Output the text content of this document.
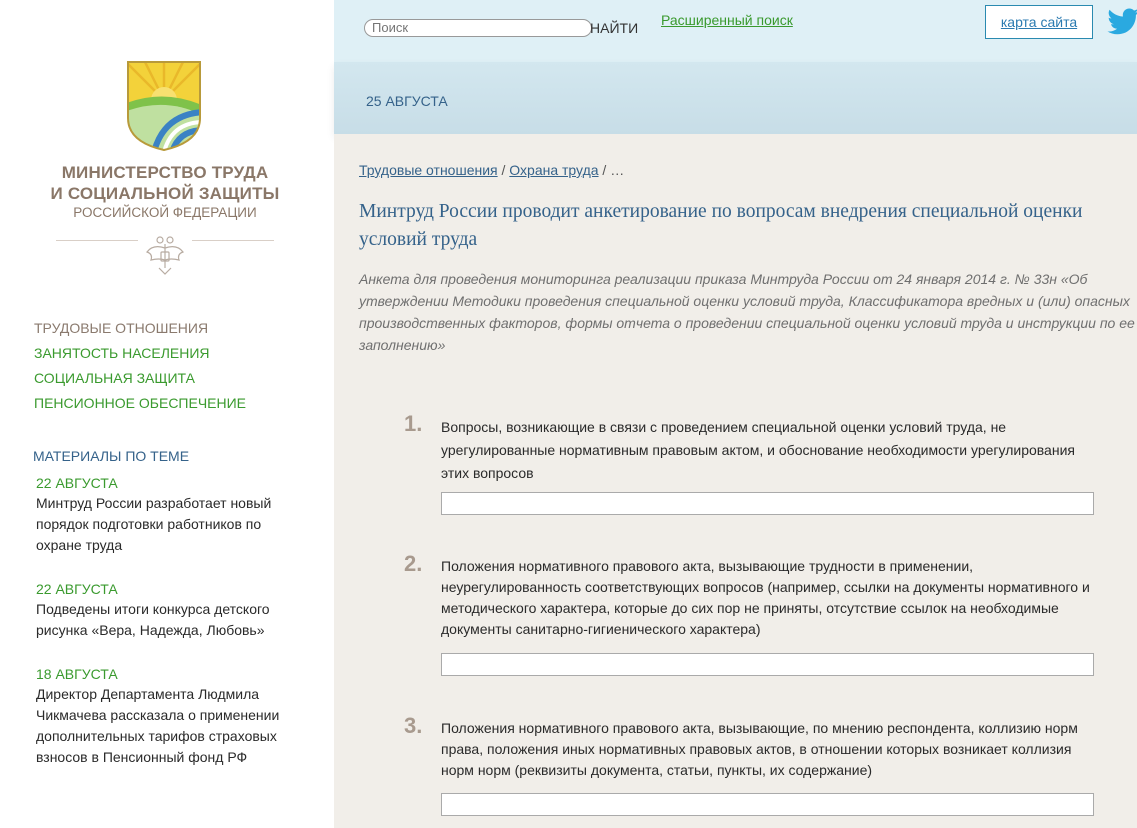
МИНИСТЕРСТВО ТРУДА
И СОЦИАЛЬНОЙ ЗАЩИТЫ
РОССИЙСКОЙ ФЕДЕРАЦИИ
ТРУДОВЫЕ ОТНОШЕНИЯ
ЗАНЯТОСТЬ НАСЕЛЕНИЯ
СОЦИАЛЬНАЯ ЗАЩИТА
ПЕНСИОННОЕ ОБЕСПЕЧЕНИЕ
МАТЕРИАЛЫ ПО ТЕМЕ
22 АВГУСТА
Минтруд России разработает новый порядок подготовки работников по охране труда
22 АВГУСТА
Подведены итоги конкурса детского рисунка «Вера, Надежда, Любовь»
18 АВГУСТА
Директор Департамента Людмила Чикмачева рассказала о применении дополнительных тарифов страховых взносов в Пенсионный фонд РФ
Поиск
НАЙТИ Расширенный поиск	карта сайта
25 АВГУСТА
Трудовые отношения / Охрана труда / …
Минтруд России проводит анкетирование по вопросам внедрения специальной оценки условий труда
Анкета для проведения мониторинга реализации приказа Минтруда России от 24 января 2014 г. № 33н «Об утверждении Методики проведения специальной оценки условий труда, Классификатора вредных и (или) опасных производственных факторов, формы отчета о проведении специальной оценки условий труда и инструкции по ее заполнению»
1. Вопросы, возникающие в связи с проведением специальной оценки условий труда, не урегулированные нормативным правовым актом, и обоснование необходимости урегулирования этих вопросов
2. Положения нормативного правового акта, вызывающие трудности в применении, неурегулированность соответствующих вопросов (например, ссылки на документы нормативного и методического характера, которые до сих пор не приняты, отсутствие ссылок на необходимые документы санитарно-гигиенического характера)
3. Положения нормативного правового акта, вызывающие, по мнению респондента, коллизию норм права, положения иных нормативных правовых актов, в отношении которых возникает коллизия норм норм (реквизиты документа, статьи, пункты, их содержание)
